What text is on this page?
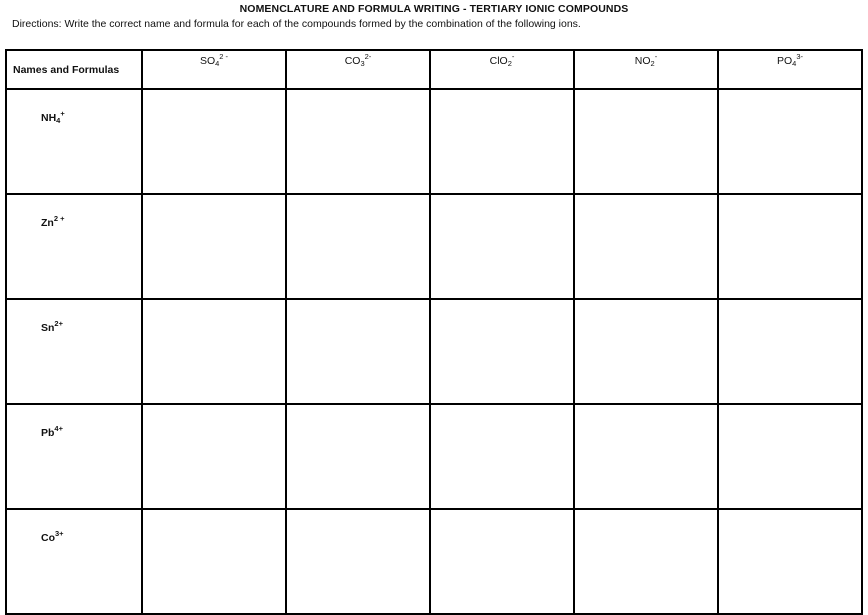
NOMENCLATURE AND FORMULA WRITING - TERTIARY IONIC COMPOUNDS
Directions: Write the correct name and formula for each of the compounds formed by the combination of the following ions.
Names and Formulas	$SO_4^{2 -}$	$CO_3^{2-}$	ClO$_2$-	$NO_2^-$	$PO_4^{3-}$
$NH_4^+$					
$Zn^{2 +}$					
$Sn^{2+}$					
$Pb^{4+}$					
$Co^{3+}$					
